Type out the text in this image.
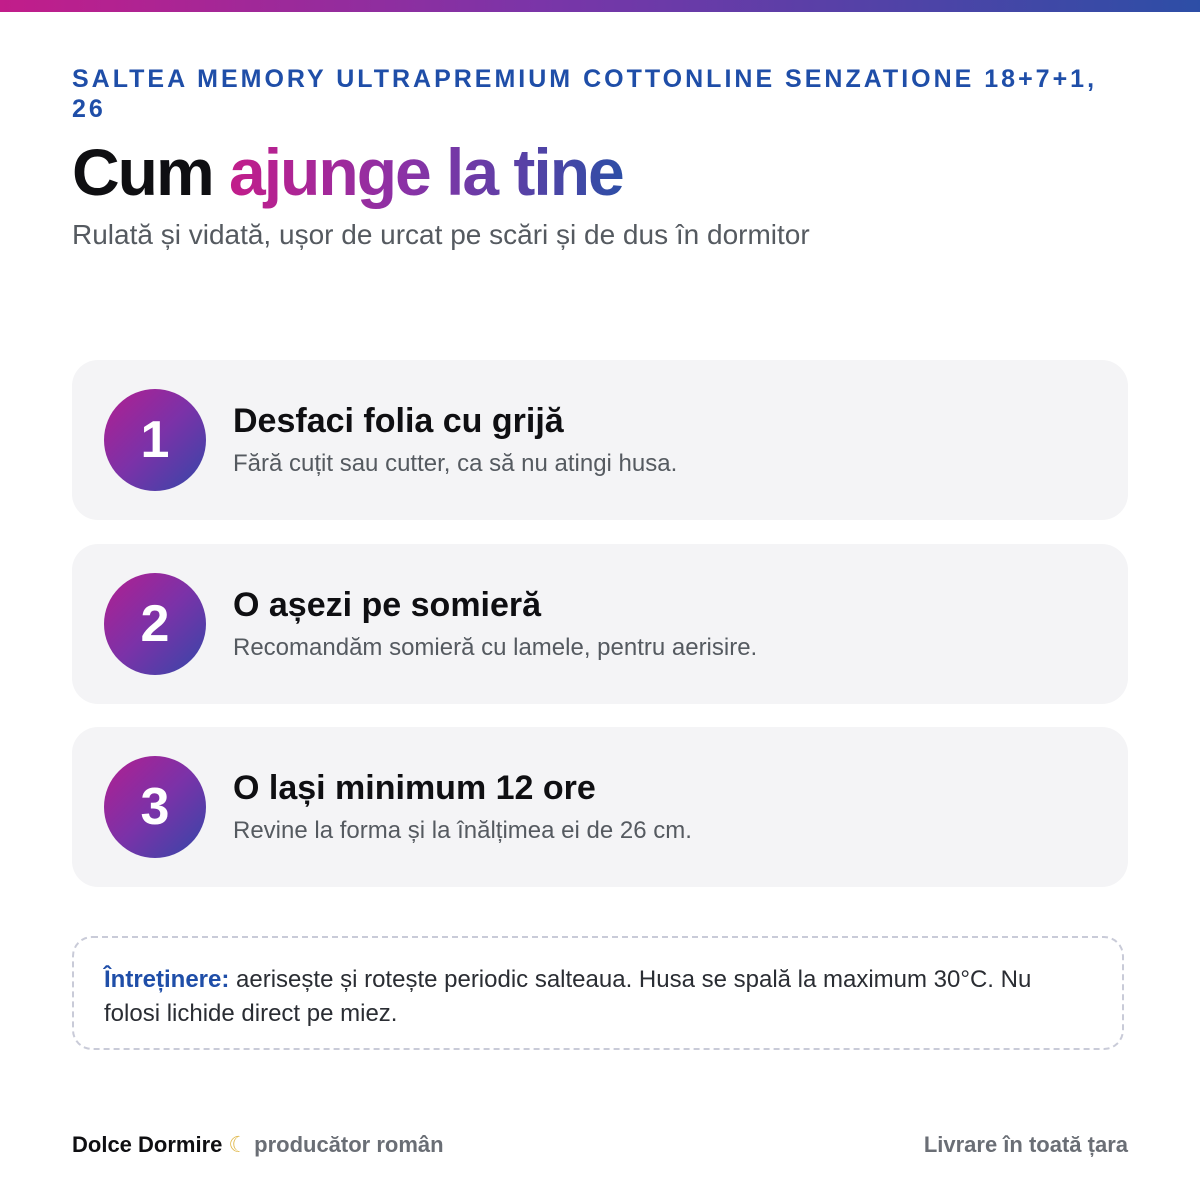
SALTEA MEMORY ULTRAPREMIUM COTTONLINE SENZATIONE 18+7+1, 26
Cum ajunge la tine
Rulată și vidată, ușor de urcat pe scări și de dus în dormitor
1	Desfaci folia cu grijă
Fără cuțit sau cutter, ca să nu atingi husa.
2	O așezi pe somieră
Recomandăm somieră cu lamele, pentru aerisire.
3	O lași minimum 12 ore
Revine la forma și la înălțimea ei de 26 cm.
Întreținere: aerisește și rotește periodic salteaua. Husa se spală la maximum 30°C. Nu folosi lichide direct pe miez.
Dolce Dormire ☾ producător român	Livrare în toată țara
